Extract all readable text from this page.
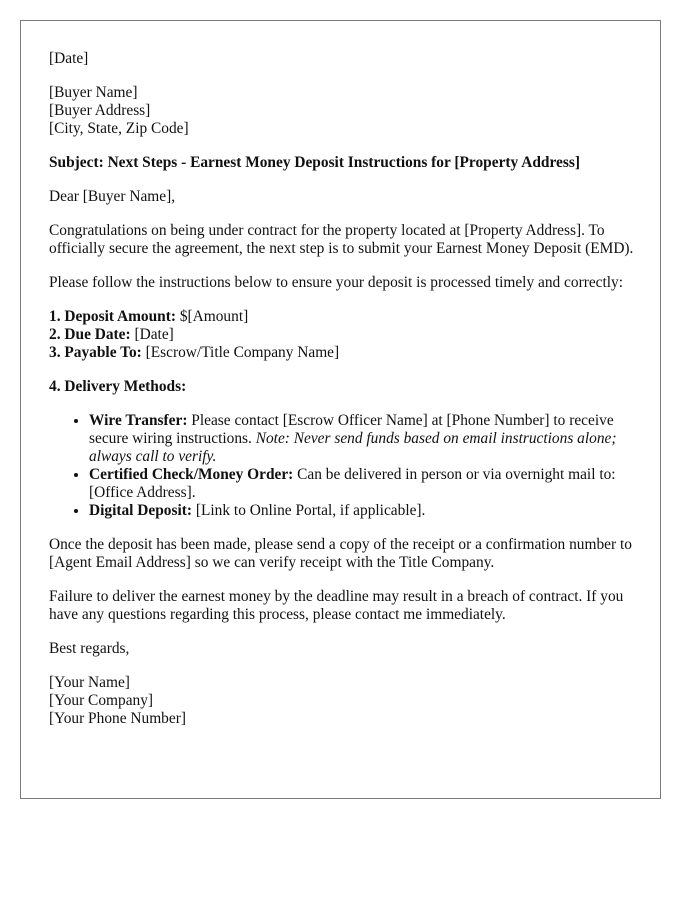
[Date]

[Buyer Name]
[Buyer Address]
[City, State, Zip Code]

Subject: Next Steps - Earnest Money Deposit Instructions for [Property Address]

Dear [Buyer Name],

Congratulations on being under contract for the property located at [Property Address]. To officially secure the agreement, the next step is to submit your Earnest Money Deposit (EMD).

Please follow the instructions below to ensure your deposit is processed timely and correctly:

1. Deposit Amount: $[Amount]
2. Due Date: [Date]
3. Payable To: [Escrow/Title Company Name]

4. Delivery Methods:

• Wire Transfer: Please contact [Escrow Officer Name] at [Phone Number] to receive secure wiring instructions. Note: Never send funds based on email instructions alone; always call to verify.
• Certified Check/Money Order: Can be delivered in person or via overnight mail to: [Office Address].
• Digital Deposit: [Link to Online Portal, if applicable].

Once the deposit has been made, please send a copy of the receipt or a confirmation number to [Agent Email Address] so we can verify receipt with the Title Company.

Failure to deliver the earnest money by the deadline may result in a breach of contract. If you have any questions regarding this process, please contact me immediately.

Best regards,

[Your Name]
[Your Company]
[Your Phone Number]
